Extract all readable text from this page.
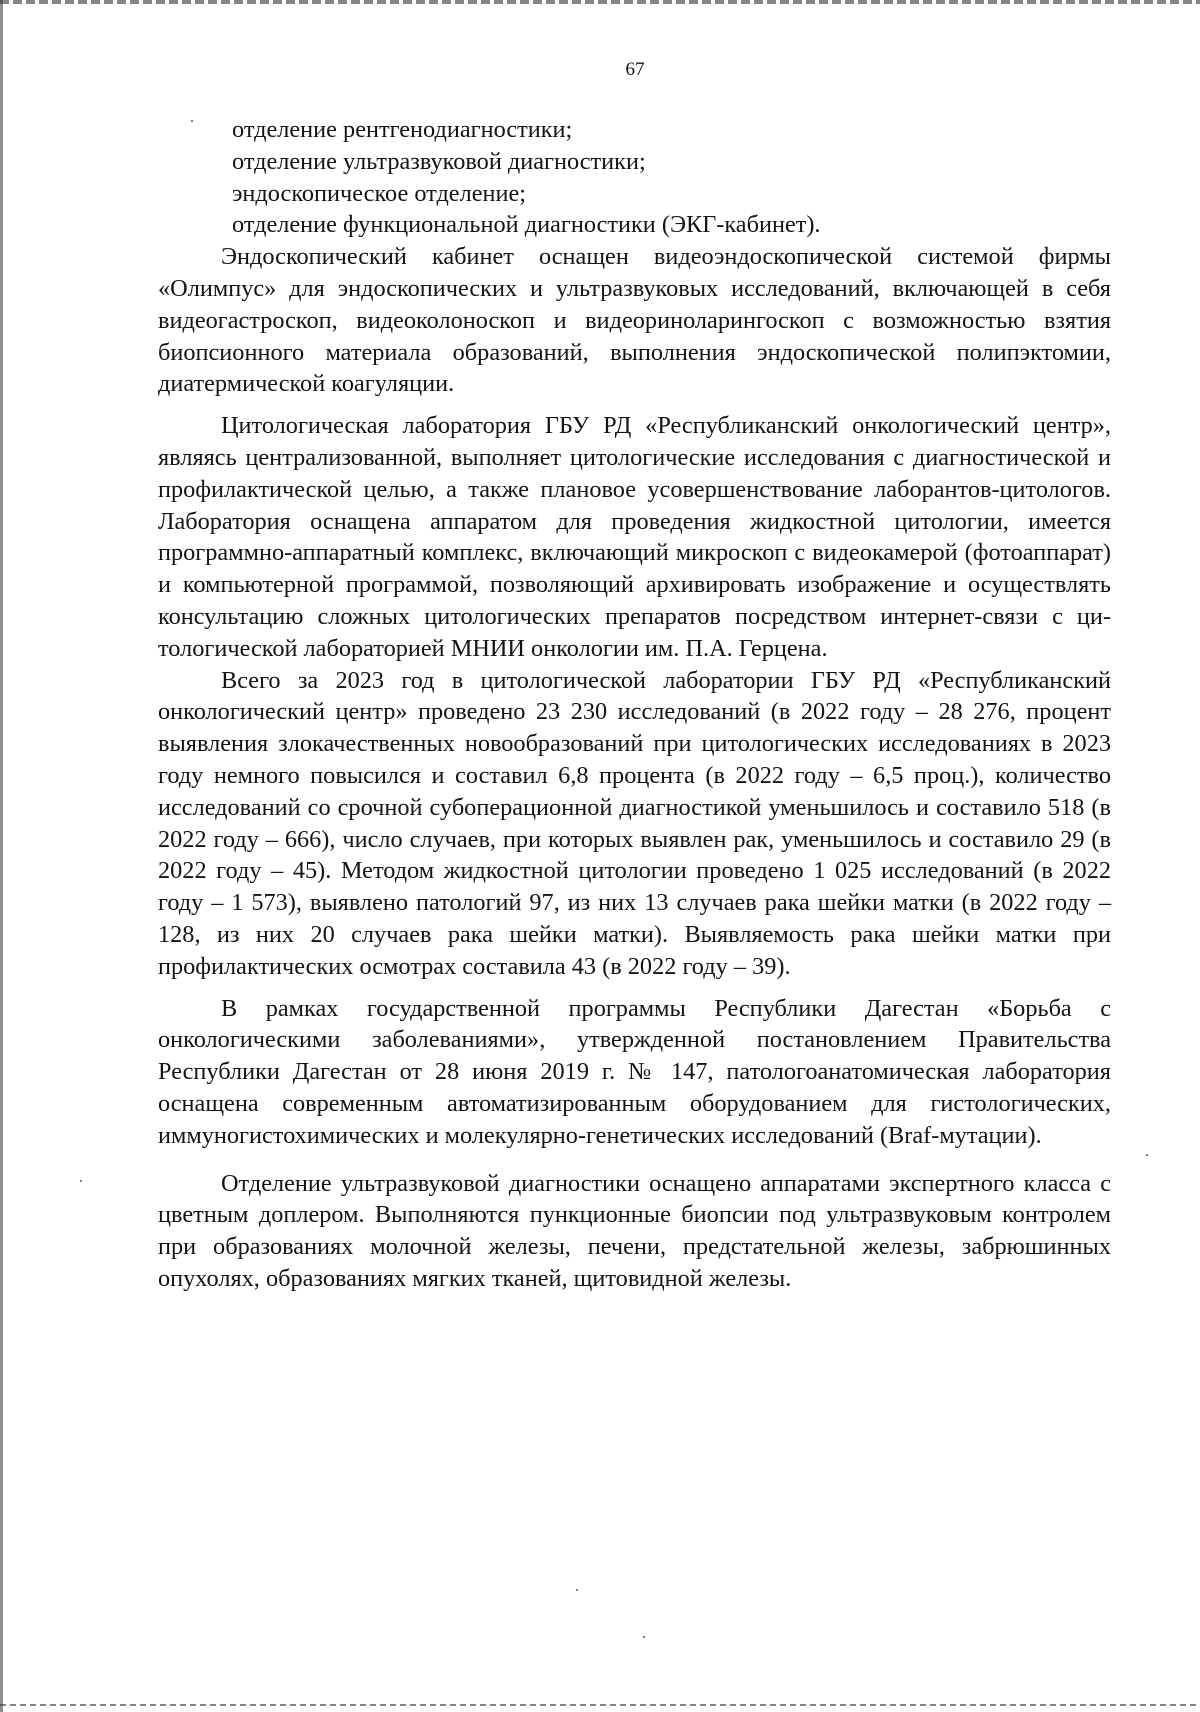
67
отделение рентгенодиагностики;
отделение ультразвуковой диагностики;
эндоскопическое отделение;
отделение функциональной диагностики (ЭКГ-кабинет).

Эндоскопический кабинет оснащен видеоэндоскопической системой фирмы «Олимпус» для эндоскопических и ультразвуковых исследований, включающей в себя видеогастроскоп, видеоколоноскоп и видеориноларингоскоп с возможностью взятия биопсионного материала образований, выполнения эндоскопической полипэктомии, диатермической коагуляции.

Цитологическая лаборатория ГБУ РД «Республиканский онкологический центр», являясь централизованной, выполняет цитологические исследования с диагностической и профилактической целью, а также плановое усовершенствование лаборантов-цитологов. Лаборатория оснащена аппаратом для проведения жидкостной цитологии, имеется программно-аппаратный комплекс, включающий микроскоп с видеокамерой (фотоаппарат) и компьютерной программой, позволяющий архивировать изображение и осуществлять консультацию сложных цитологических препаратов посредством интернет-связи с цитологической лабораторией МНИИ онкологии им. П.А. Герцена.

Всего за 2023 год в цитологической лаборатории ГБУ РД «Республиканский онкологический центр» проведено 23 230 исследований (в 2022 году – 28 276, процент выявления злокачественных новообразований при цитологических исследованиях в 2023 году немного повысился и составил 6,8 процента (в 2022 году – 6,5 проц.), количество исследований со срочной субоперационной диагностикой уменьшилось и составило 518 (в 2022 году – 666), число случаев, при которых выявлен рак, уменьшилось и составило 29 (в 2022 году – 45). Методом жидкостной цитологии проведено 1 025 исследований (в 2022 году – 1 573), выявлено патологий 97, из них 13 случаев рака шейки матки (в 2022 году – 128, из них 20 случаев рака шейки матки). Выявляемость рака шейки матки при профилактических осмотрах составила 43 (в 2022 году – 39).

В рамках государственной программы Республики Дагестан «Борьба с онкологическими заболеваниями», утвержденной постановлением Правительства Республики Дагестан от 28 июня 2019 г. № 147, патологоанатомическая лаборатория оснащена современным автоматизированным оборудованием для гистологических, иммуногистохимических и молекулярно-генетических исследований (Braf-мутации).

Отделение ультразвуковой диагностики оснащено аппаратами экспертного класса с цветным доплером. Выполняются пункционные биопсии под ультразвуковым контролем при образованиях молочной железы, печени, предстательной железы, забрюшинных опухолях, образованиях мягких тканей, щитовидной железы.
